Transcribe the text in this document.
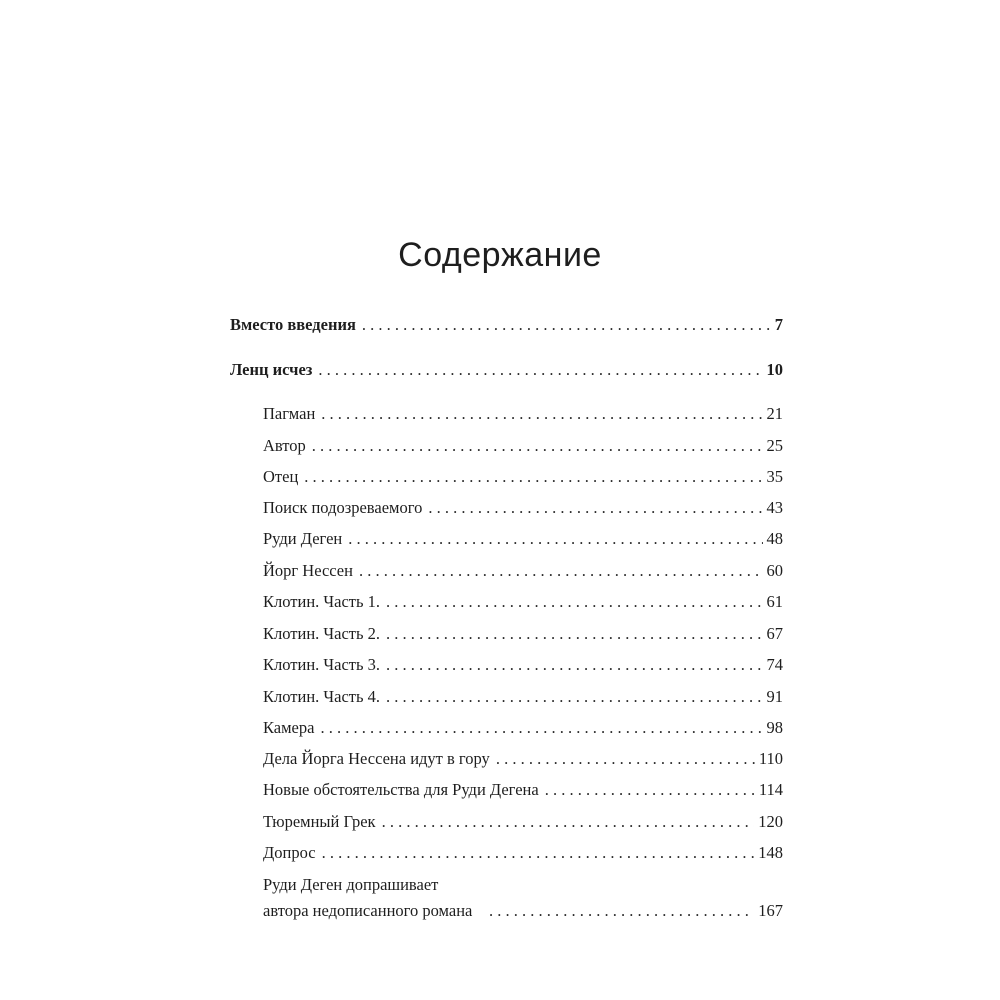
Содержание
Вместо введения . . .	7
Ленц исчез . . .	10
Пагман . . .	21
Автор . . .	25
Отец . . .	35
Поиск подозреваемого . . .	43
Руди Деген . . .	48
Йорг Нессен . . .	60
Клотин. Часть 1. . . .	61
Клотин. Часть 2. . . .	67
Клотин. Часть 3. . . .	74
Клотин. Часть 4. . . .	91
Камера . . .	98
Дела Йорга Нессена идут в гору . . .	110
Новые обстоятельства для Руди Дегена . . .	114
Тюремный Грек . . .	120
Допрос . . .	148
Руди Деген допрашивает автора недописанного романа . . .	167
